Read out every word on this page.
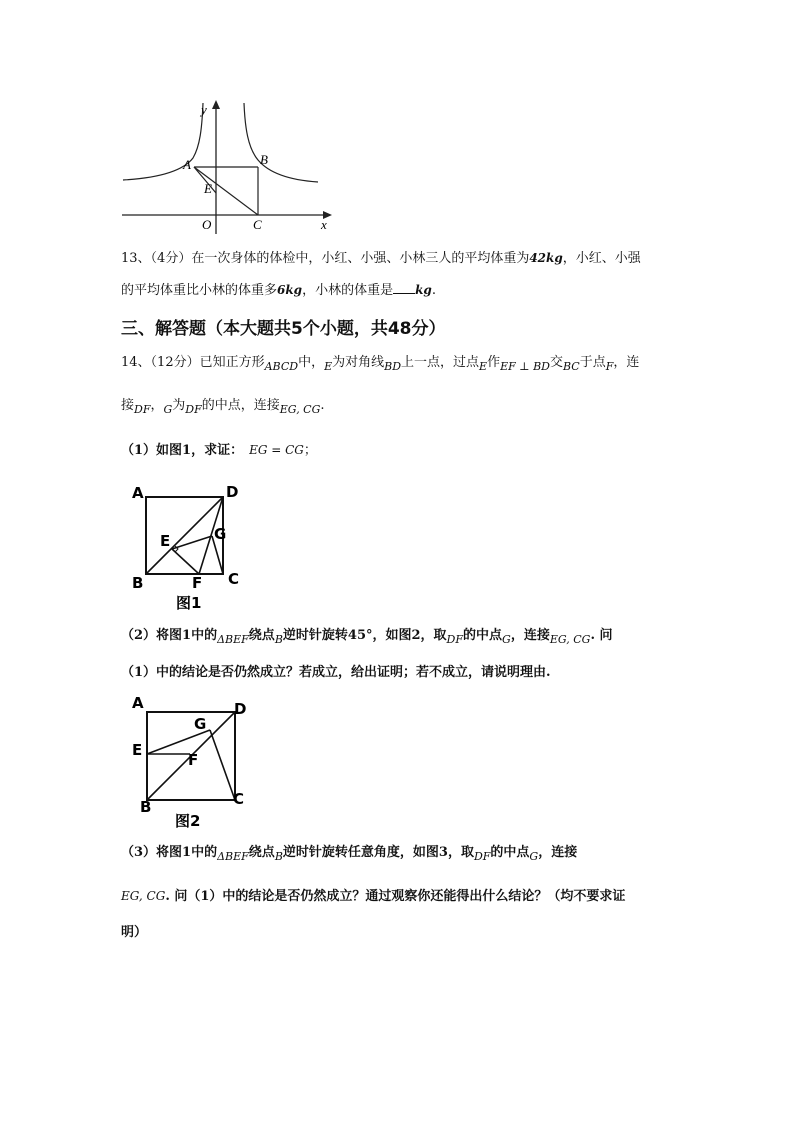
y
A	B
E
O	C	x
13、（4分）在一次身体的体检中，小红、小强、小林三人的平均体重为42kg，小红、小强
的平均体重比小林的体重多6kg，小林的体重是 kg.
三、解答题（本大题共5个小题，共48分）
14、（12分）已知正方形$_{ABCD}$中，$_E$为对角线$_{BD}$上一点，过点$_E$作$_{EF \perp BD}$交$_{BC}$于点$_F$，连
接$_{DF}$，$_G$为$_{DF}$的中点，连接$_{EG, CG}$.
（1）如图1，求证： EG = CG；
A	D
E	G
B	F C
图1
（2）将图1中的$_{\Delta BEF}$绕点$_B$逆时针旋转45°，如图2，取$_{DF}$的中点$_G$，连接$_{EG, CG}$. 问
（1）中的结论是否仍然成立？若成立，给出证明；若不成立，请说明理由.
A	D
G
E
F
B	C
图2
（3）将图1中的$_{\Delta BEF}$绕点$_B$逆时针旋转任意角度，如图3，取$_{DF}$的中点$_G$，连接
EG, CG. 问（1）中的结论是否仍然成立？通过观察你还能得出什么结论？（均不要求证
明）
